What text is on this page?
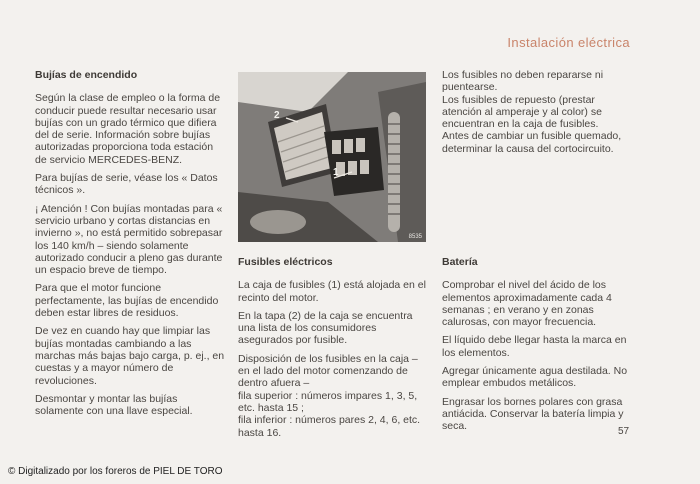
Instalación eléctrica
Bujías de encendido

Según la clase de empleo o la forma de conducir puede resultar necesario usar bujías con un grado térmico que difiera del de serie. Información sobre bujías autorizadas proporciona toda estación de servicio MERCEDES-BENZ.

Para bujías de serie, véase los « Datos técnicos ».

¡ Atención ! Con bujías montadas para « servicio urbano y cortas distancias en invierno », no está permitido sobrepasar los 140 km/h – siendo solamente autorizado conducir a pleno gas durante un espacio breve de tiempo.

Para que el motor funcione perfectamente, las bujías de encendido deben estar libres de residuos.

De vez en cuando hay que limpiar las bujías montadas cambiando a las marchas más bajas bajo carga, p. ej., en cuestas y a mayor número de revoluciones.

Desmontar y montar las bujías solamente con una llave especial.

2
1
8535
Fusibles eléctricos

La caja de fusibles (1) está alojada en el recinto del motor.

En la tapa (2) de la caja se encuentra una lista de los consumidores asegurados por fusible.

Disposición de los fusibles en la caja – en el lado del motor comenzando de dentro afuera –

fila superior : números impares 1, 3, 5, etc. hasta 15 ;

fila inferior : números pares 2, 4, 6, etc. hasta 16.

Los fusibles no deben repararse ni puentearse.

Los fusibles de repuesto (prestar atención al amperaje y al color) se encuentran en la caja de fusibles.

Antes de cambiar un fusible quemado, determinar la causa del cortocircuito.

Batería

Comprobar el nivel del ácido de los elementos aproximadamente cada 4 semanas ; en verano y en zonas calurosas, con mayor frecuencia.

El líquido debe llegar hasta la marca en los elementos.

Agregar únicamente agua destilada. No emplear embudos metálicos.

Engrasar los bornes polares con grasa antiácida. Conservar la batería limpia y seca.	57
© Digitalizado por los foreros de PIEL DE TORO
